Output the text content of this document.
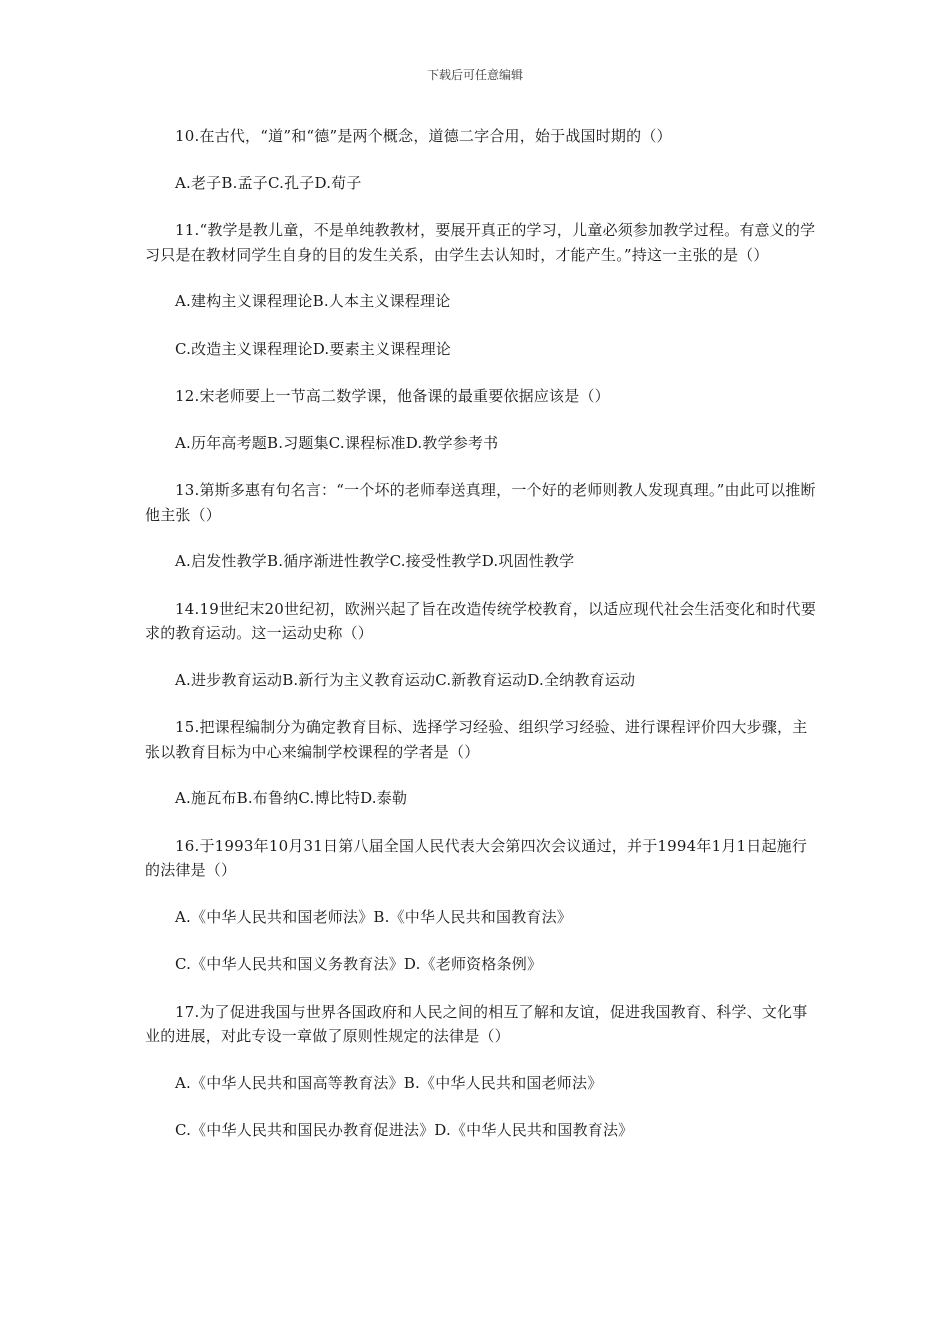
下载后可任意编辑

10.在古代，“道”和“德”是两个概念，道德二字合用，始于战国时期的（）

A.老子B.孟子C.孔子D.荀子

11.“教学是教儿童，不是单纯教教材，要展开真正的学习，儿童必须参加教学过程。有意义的学习只是在教材同学生自身的目的发生关系，由学生去认知时，才能产生。”持这一主张的是（）

A.建构主义课程理论B.人本主义课程理论

C.改造主义课程理论D.要素主义课程理论

12.宋老师要上一节高二数学课，他备课的最重要依据应该是（）

A.历年高考题B.习题集C.课程标准D.教学参考书

13.第斯多惠有句名言：“一个坏的老师奉送真理，一个好的老师则教人发现真理。”由此可以推断他主张（）

A.启发性教学B.循序渐进性教学C.接受性教学D.巩固性教学

14.19世纪末20世纪初，欧洲兴起了旨在改造传统学校教育，以适应现代社会生活变化和时代要求的教育运动。这一运动史称（）

A.进步教育运动B.新行为主义教育运动C.新教育运动D.全纳教育运动

15.把课程编制分为确定教育目标、选择学习经验、组织学习经验、进行课程评价四大步骤，主张以教育目标为中心来编制学校课程的学者是（）

A.施瓦布B.布鲁纳C.博比特D.泰勒

16.于1993年10月31日第八届全国人民代表大会第四次会议通过，并于1994年1月1日起施行的法律是（）

A.《中华人民共和国老师法》B.《中华人民共和国教育法》

C.《中华人民共和国义务教育法》D.《老师资格条例》

17.为了促进我国与世界各国政府和人民之间的相互了解和友谊，促进我国教育、科学、文化事业的进展，对此专设一章做了原则性规定的法律是（）

A.《中华人民共和国高等教育法》B.《中华人民共和国老师法》

C.《中华人民共和国民办教育促进法》D.《中华人民共和国教育法》
